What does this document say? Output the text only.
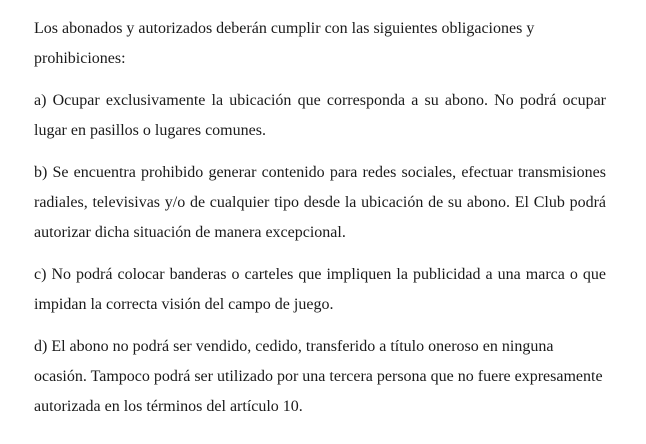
Los abonados y autorizados deberán cumplir con las siguientes obligaciones y prohibiciones:

a) Ocupar exclusivamente la ubicación que corresponda a su abono. No podrá ocupar lugar en pasillos o lugares comunes.

b) Se encuentra prohibido generar contenido para redes sociales, efectuar transmisiones radiales, televisivas y/o de cualquier tipo desde la ubicación de su abono. El Club podrá autorizar dicha situación de manera excepcional.

c) No podrá colocar banderas o carteles que impliquen la publicidad a una marca o que impidan la correcta visión del campo de juego.

d) El abono no podrá ser vendido, cedido, transferido a título oneroso en ninguna ocasión. Tampoco podrá ser utilizado por una tercera persona que no fuere expresamente autorizada en los términos del artículo 10.
